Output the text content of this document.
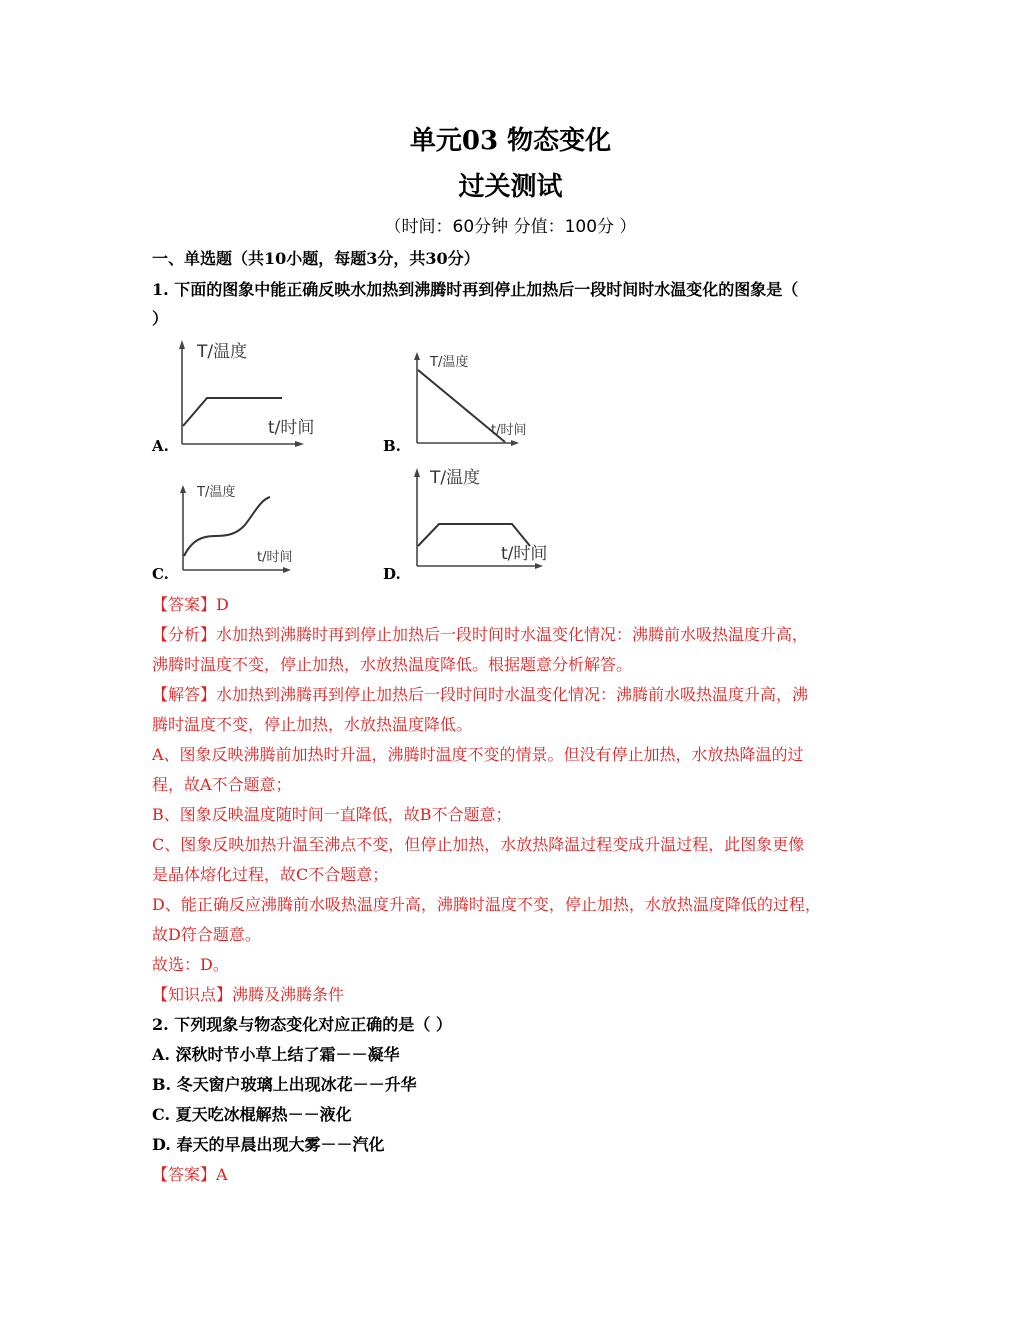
单元03 物态变化
过关测试
（时间：60分钟 分值：100分 ）
一、单选题（共10小题，每题3分，共30分）
1. 下面的图象中能正确反映水加热到沸腾时再到停止加热后一段时间时水温变化的图象是（
）
A.
T/温度
t/时间
B.
T/温度
t/时间
C.
T/温度
t/时间
D.
T/温度
t/时间
【答案】D
【分析】水加热到沸腾时再到停止加热后一段时间时水温变化情况：沸腾前水吸热温度升高，
沸腾时温度不变，停止加热，水放热温度降低。根据题意分析解答。
【解答】水加热到沸腾再到停止加热后一段时间时水温变化情况：沸腾前水吸热温度升高，沸
腾时温度不变，停止加热，水放热温度降低。
A、图象反映沸腾前加热时升温，沸腾时温度不变的情景。但没有停止加热，水放热降温的过
程，故A不合题意；
B、图象反映温度随时间一直降低，故B不合题意；
C、图象反映加热升温至沸点不变，但停止加热，水放热降温过程变成升温过程，此图象更像
是晶体熔化过程，故C不合题意；
D、能正确反应沸腾前水吸热温度升高，沸腾时温度不变，停止加热，水放热温度降低的过程，
故D符合题意。
故选：D。
【知识点】沸腾及沸腾条件
2. 下列现象与物态变化对应正确的是（ ）
A. 深秋时节小草上结了霜－－凝华
B. 冬天窗户玻璃上出现冰花－－升华
C. 夏天吃冰棍解热－－液化
D. 春天的早晨出现大雾－－汽化
【答案】A
